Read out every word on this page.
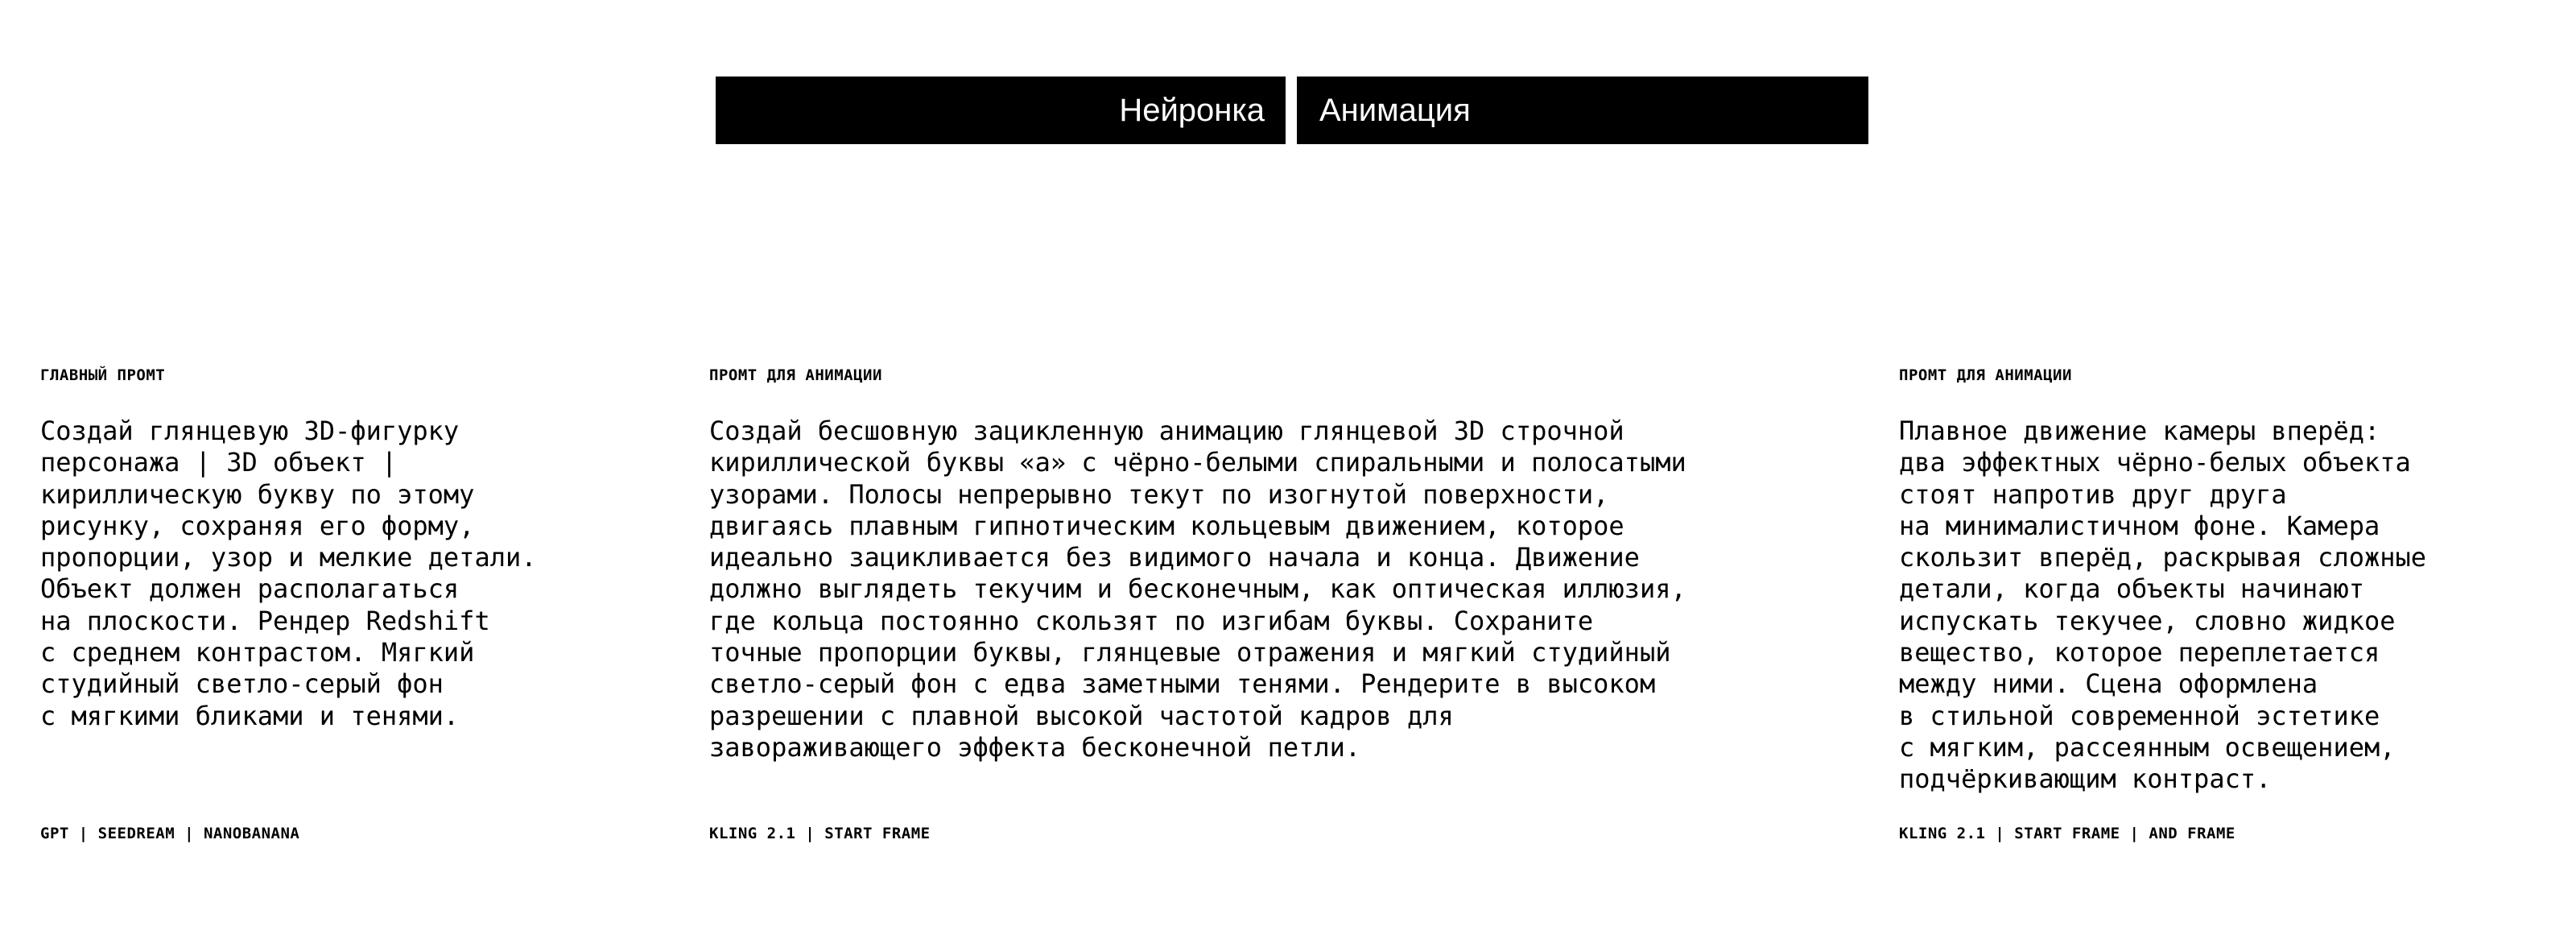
Нейронка Анимация
ГЛАВНЫЙ ПРОМТ
Создай глянцевую 3D-фигурку
персонажа | 3D объект |
кириллическую букву по этому
рисунку, сохраняя его форму,
пропорции, узор и мелкие детали.
Объект должен располагаться
на плоскости. Рендер Redshift
с среднем контрастом. Мягкий
студийный светло-серый фон
с мягкими бликами и тенями.
ПРОМТ ДЛЯ АНИМАЦИИ
Создай бесшовную зацикленную анимацию глянцевой 3D строчной
кириллической буквы «а» с чёрно-белыми спиральными и полосатыми
узорами. Полосы непрерывно текут по изогнутой поверхности,
двигаясь плавным гипнотическим кольцевым движением, которое
идеально зацикливается без видимого начала и конца. Движение
должно выглядеть текучим и бесконечным, как оптическая иллюзия,
где кольца постоянно скользят по изгибам буквы. Сохраните
точные пропорции буквы, глянцевые отражения и мягкий студийный
светло-серый фон с едва заметными тенями. Рендерите в высоком
разрешении с плавной высокой частотой кадров для
завораживающего эффекта бесконечной петли.
ПРОМТ ДЛЯ АНИМАЦИИ
Плавное движение камеры вперёд:
два эффектных чёрно-белых объекта
стоят напротив друг друга
на минималистичном фоне. Камера
скользит вперёд, раскрывая сложные
детали, когда объекты начинают
испускать текучее, словно жидкое
вещество, которое переплетается
между ними. Сцена оформлена
в стильной современной эстетике
с мягким, рассеянным освещением,
подчёркивающим контраст.
GPT | SEEDREAM | NANOBANANA	KLING 2.1 | START FRAME	KLING 2.1 | START FRAME | AND FRAME
